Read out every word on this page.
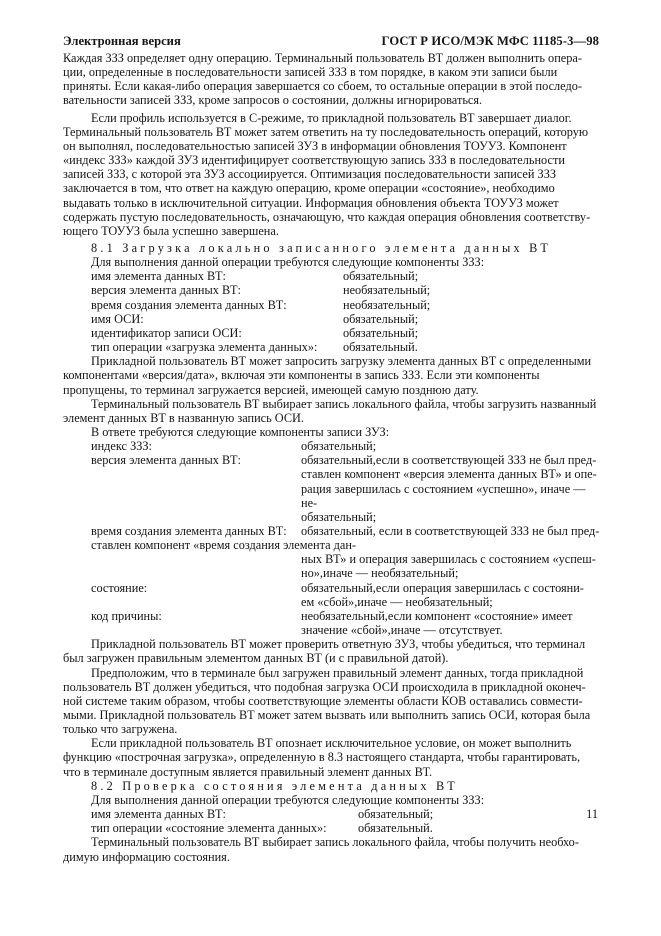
Электронная версия	ГОСТ Р ИСО/МЭК МФС 11185-3—98
Каждая ЗЗЗ определяет одну операцию. Терминальный пользователь ВТ должен выполнить опера-
ции, определенные в последовательности записей ЗЗЗ в том порядке, в каком эти записи были
приняты. Если какая-либо операция завершается со сбоем, то остальные операции в этой последо-
вательности записей ЗЗЗ, кроме запросов о состоянии, должны игнорироваться.
Если профиль используется в С-режиме, то прикладной пользователь ВТ завершает диалог.
Терминальный пользователь ВТ может затем ответить на ту последовательность операций, которую
он выполнял, последовательностью записей ЗУЗ в информации обновления ТОУУЗ. Компонент
«индекс ЗЗЗ» каждой ЗУЗ идентифицирует соответствующую запись ЗЗЗ в последовательности
записей ЗЗЗ, с которой эта ЗУЗ ассоциируется. Оптимизация последовательности записей ЗЗЗ
заключается в том, что ответ на каждую операцию, кроме операции «состояние», необходимо
выдавать только в исключительной ситуации. Информация обновления объекта ТОУУЗ может
содержать пустую последовательность, означающую, что каждая операция обновления соответству-
ющего ТОУУЗ была успешно завершена.
8.1 Загрузка локально записанного элемента данных ВТ
Для выполнения данной операции требуются следующие компоненты ЗЗЗ:
имя элемента данных ВТ:	обязательный;
версия элемента данных ВТ:	необязательный;
время создания элемента данных ВТ:	необязательный;
имя ОСИ:	обязательный;
идентификатор записи ОСИ:	обязательный;
тип операции «загрузка элемента данных»: обязательный.
Прикладной пользователь ВТ может запросить загрузку элемента данных ВТ с определенными
компонентами «версия/дата», включая эти компоненты в запись ЗЗЗ. Если эти компоненты
пропущены, то терминал загружается версией, имеющей самую позднюю дату.
Терминальный пользователь ВТ выбирает запись локального файла, чтобы загрузить названный
элемент данных ВТ в названную запись ОСИ.
В ответе требуются следующие компоненты записи ЗУЗ:
индекс ЗЗЗ:	обязательный;
версия элемента данных ВТ:	обязательный,если в соответствующей ЗЗЗ не был пред-
ставлен компонент «версия элемента данных ВТ» и опе-
рация завершилась с состоянием «успешно», иначе —не-
обязательный;
время создания элемента данных ВТ: обязательный, если в соответствующей ЗЗЗ не был пред-
ставлен компонент «время создания элемента дан-
ных ВТ» и операция завершилась с состоянием «успеш-
но»,иначе — необязательный;
состояние:	обязательный,если операция завершилась с состояни-
ем «сбой»,иначе — необязательный;
код причины:	необязательный,если компонент «состояние» имеет
значение «сбой»,иначе — отсутствует.
Прикладной пользователь ВТ может проверить ответную ЗУЗ, чтобы убедиться, что терминал
был загружен правильным элементом данных ВТ (и с правильной датой).
Предположим, что в терминале был загружен правильный элемент данных, тогда прикладной
пользователь ВТ должен убедиться, что подобная загрузка ОСИ происходила в прикладной оконеч-
ной системе таким образом, чтобы соответствующие элементы области КОВ оставались совмести-
мыми. Прикладной пользователь ВТ может затем вызвать или выполнить запись ОСИ, которая была
только что загружена.
Если прикладной пользователь ВТ опознает исключительное условие, он может выполнить
функцию «построчная загрузка», определенную в 8.3 настоящего стандарта, чтобы гарантировать,
что в терминале доступным является правильный элемент данных ВТ.
8.2 Проверка состояния элемента данных ВТ
Для выполнения данной операции требуются следующие компоненты ЗЗЗ:
имя элемента данных ВТ:	обязательный;
тип операции «состояние элемента данных»:	обязательный.
Терминальный пользователь ВТ выбирает запись локального файла, чтобы получить необхо-
димую информацию состояния.
11
